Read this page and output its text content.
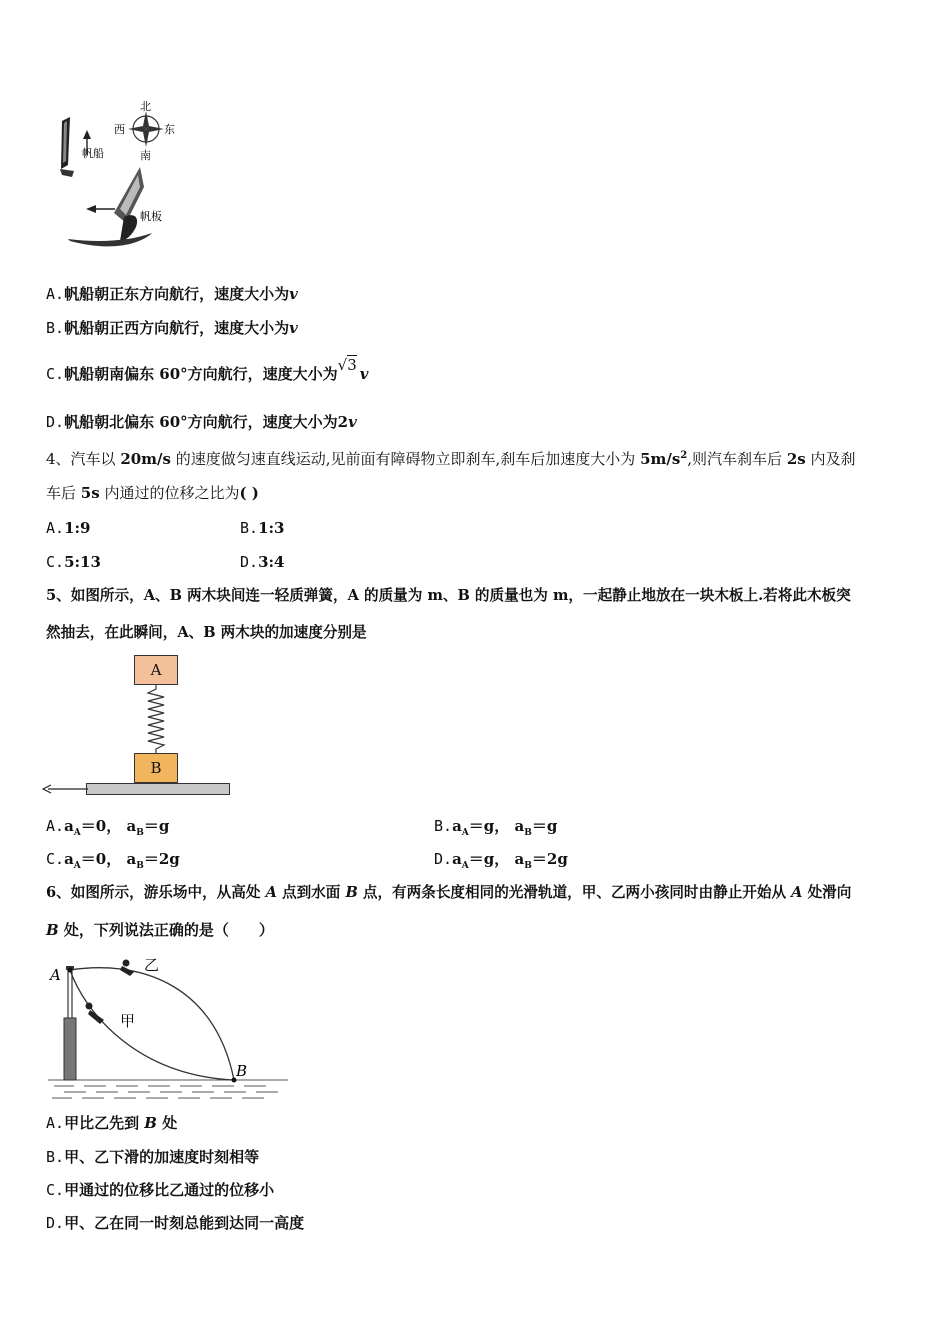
帆船
北
南
西	东
帆板
A.帆船朝正东方向航行，速度大小为v
B.帆船朝正西方向航行，速度大小为v
C.帆船朝南偏东 60°方向航行，速度大小为√3 v
D.帆船朝北偏东 60°方向航行，速度大小为2v
4、汽车以 20m/s 的速度做匀速直线运动,见前面有障碍物立即刹车,刹车后加速度大小为 $5m/s^2$,则汽车刹车后 2s 内及刹
车后 5s 内通过的位移之比为( )
A.1:9	B.1:3
C.5:13	D.3:4
5、如图所示，A、B 两木块间连一轻质弹簧，A 的质量为 m、B 的质量也为 m，一起静止地放在一块木板上.若将此木板突
然抽去，在此瞬间，A、B 两木块的加速度分别是
A
B
$A.a_A=0$， $a_B=g$	$B.a_A=g$， $a_B=g$
$C.a_A=0$， $a_B=2g$	$D.a_A=g$， $a_B=2g$
6、如图所示，游乐场中，从高处 A 点到水面 B 点，有两条长度相同的光滑轨道，甲、乙两小孩同时由静止开始从 A 处滑向
B 处，下列说法正确的是（　　）
A
B
乙
甲
A.甲比乙先到 B 处
B.甲、乙下滑的加速度时刻相等
C.甲通过的位移比乙通过的位移小
D.甲、乙在同一时刻总能到达同一高度
